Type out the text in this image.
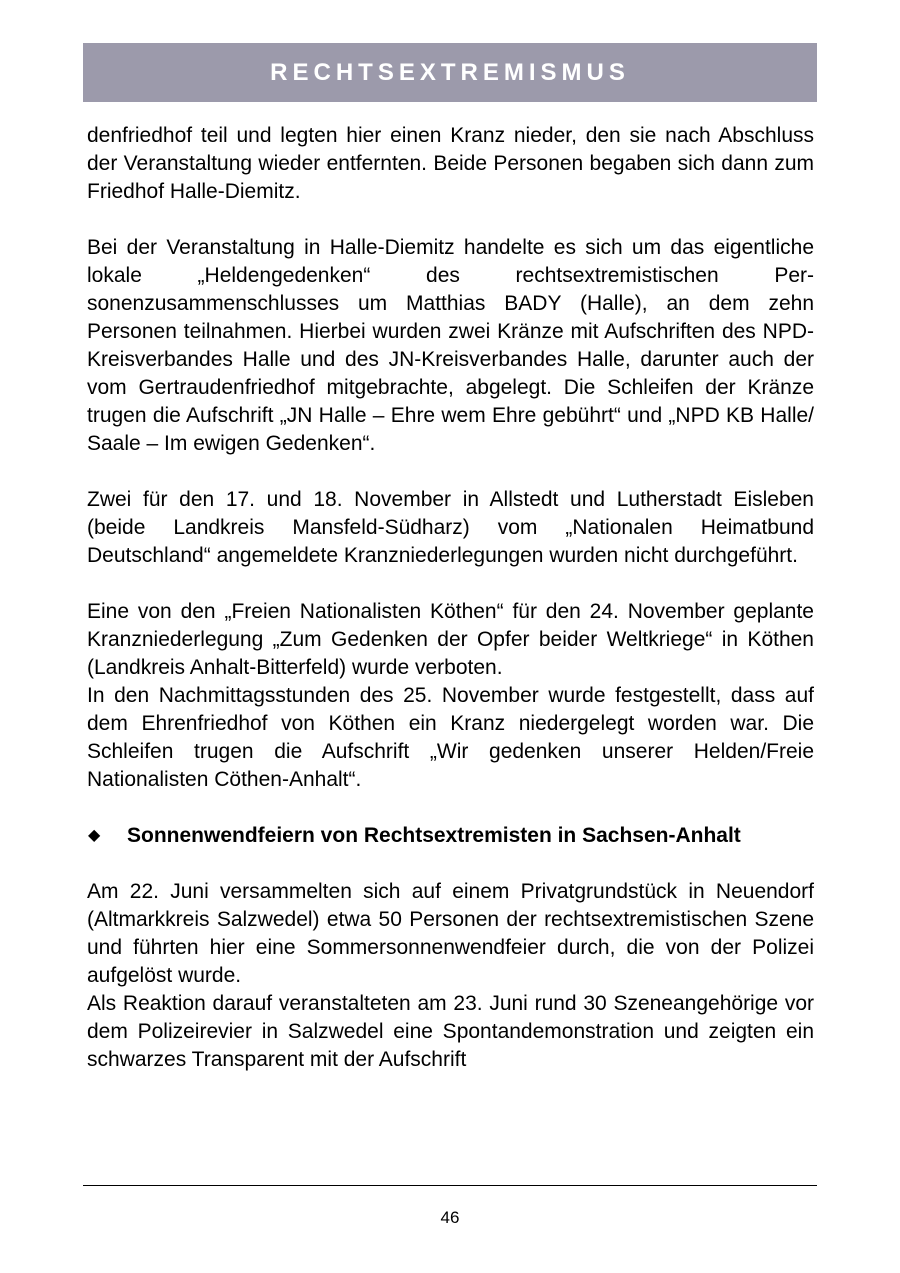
RECHTSEXTREMISMUS

denfriedhof teil und legten hier einen Kranz nieder, den sie nach Abschluss der Veranstaltung wieder entfernten. Beide Personen begaben sich dann zum Friedhof Halle-Diemitz.

Bei der Veranstaltung in Halle-Diemitz handelte es sich um das eigentliche lokale „Heldengedenken“ des rechtsextremistischen Personenzusammenschlusses um Matthias BADY (Halle), an dem zehn Personen teilnahmen. Hierbei wurden zwei Kränze mit Aufschriften des NPD-Kreisverbandes Halle und des JN-Kreisverbandes Halle, darunter auch der vom Gertraudenfriedhof mitgebrachte, abgelegt. Die Schleifen der Kränze trugen die Aufschrift „JN Halle – Ehre wem Ehre gebührt“ und „NPD KB Halle/ Saale – Im ewigen Gedenken“.

Zwei für den 17. und 18. November in Allstedt und Lutherstadt Eisleben (beide Landkreis Mansfeld-Südharz) vom „Nationalen Heimatbund Deutschland“ angemeldete Kranzniederlegungen wurden nicht durchgeführt.

Eine von den „Freien Nationalisten Köthen“ für den 24. November geplante Kranzniederlegung „Zum Gedenken der Opfer beider Weltkriege“ in Köthen (Landkreis Anhalt-Bitterfeld) wurde verboten.

In den Nachmittagsstunden des 25. November wurde festgestellt, dass auf dem Ehrenfriedhof von Köthen ein Kranz niedergelegt worden war. Die Schleifen trugen die Aufschrift „Wir gedenken unserer Helden/Freie Nationalisten Cöthen-Anhalt“.

◆	Sonnenwendfeiern von Rechtsextremisten in Sachsen-Anhalt

Am 22. Juni versammelten sich auf einem Privatgrundstück in Neuendorf (Altmarkkreis Salzwedel) etwa 50 Personen der rechtsextremistischen Szene und führten hier eine Sommersonnenwendfeier durch, die von der Polizei aufgelöst wurde.

Als Reaktion darauf veranstalteten am 23. Juni rund 30 Szeneangehörige vor dem Polizeirevier in Salzwedel eine Spontandemonstration und zeigten ein schwarzes Transparent mit der Aufschrift

46
